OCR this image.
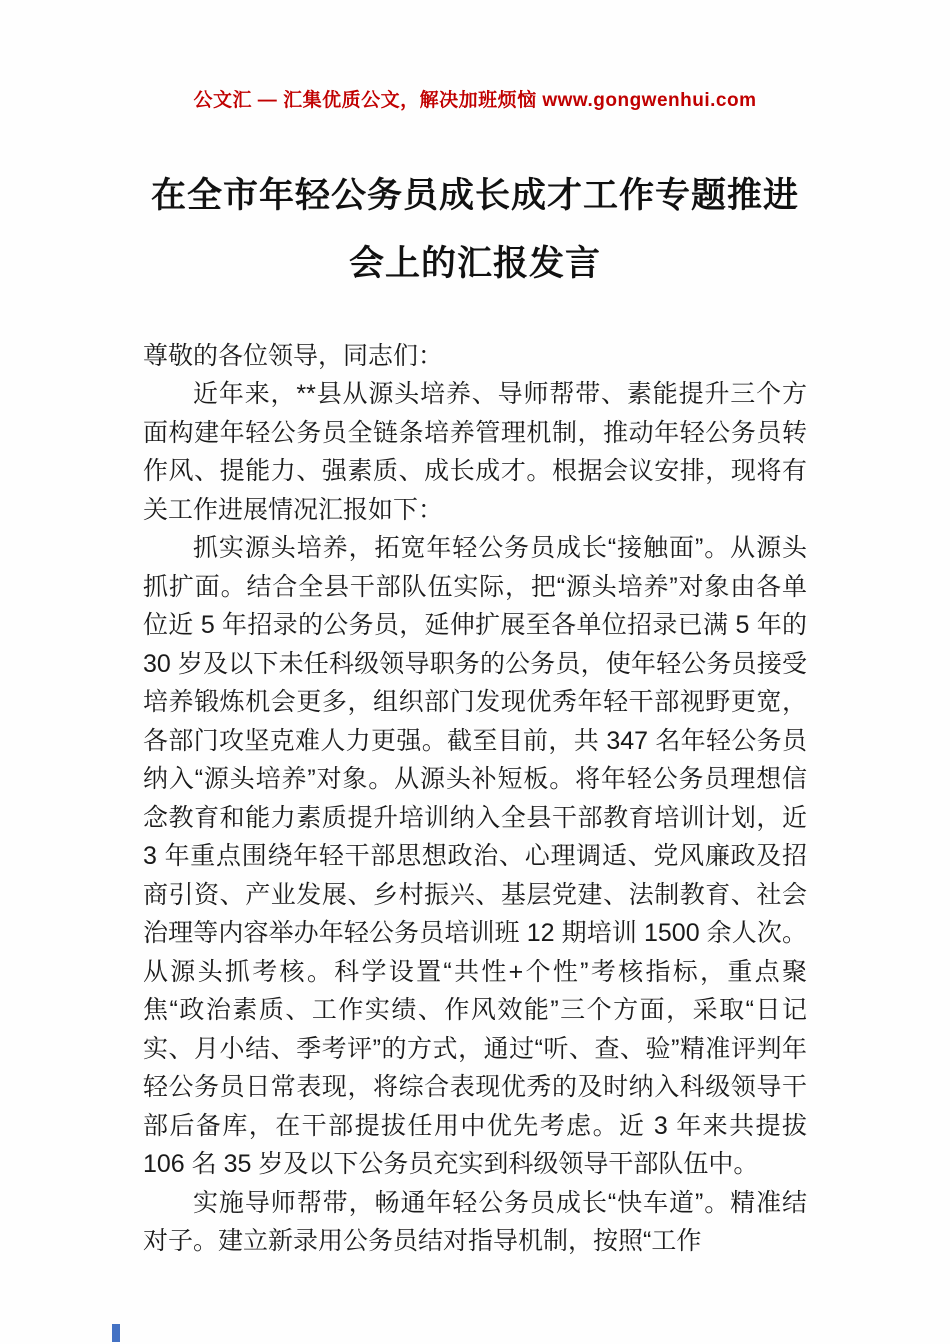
公文汇 — 汇集优质公文，解决加班烦恼 www.gongwenhui.com
在全市年轻公务员成长成才工作专题推进
会上的汇报发言

尊敬的各位领导，同志们：

近年来，**县从源头培养、导师帮带、素能提升三个方面构建年轻公务员全链条培养管理机制，推动年轻公务员转作风、提能力、强素质、成长成才。根据会议安排，现将有关工作进展情况汇报如下：

抓实源头培养，拓宽年轻公务员成长“接触面”。从源头抓扩面。结合全县干部队伍实际，把“源头培养”对象由各单位近 5 年招录的公务员，延伸扩展至各单位招录已满 5 年的 30 岁及以下未任科级领导职务的公务员，使年轻公务员接受培养锻炼机会更多，组织部门发现优秀年轻干部视野更宽，各部门攻坚克难人力更强。截至目前，共 347 名年轻公务员纳入“源头培养”对象。从源头补短板。将年轻公务员理想信念教育和能力素质提升培训纳入全县干部教育培训计划，近 3 年重点围绕年轻干部思想政治、心理调适、党风廉政及招商引资、产业发展、乡村振兴、基层党建、法制教育、社会治理等内容举办年轻公务员培训班 12 期培训 1500 余人次。从源头抓考核。科学设置“共性+个性”考核指标，重点聚焦“政治素质、工作实绩、作风效能”三个方面，采取“日记实、月小结、季考评”的方式，通过“听、查、验”精准评判年轻公务员日常表现，将综合表现优秀的及时纳入科级领导干部后备库，在干部提拔任用中优先考虑。近 3 年来共提拔 106 名 35 岁及以下公务员充实到科级领导干部队伍中。

实施导师帮带，畅通年轻公务员成长“快车道”。精准结对子。建立新录用公务员结对指导机制，按照“工作
